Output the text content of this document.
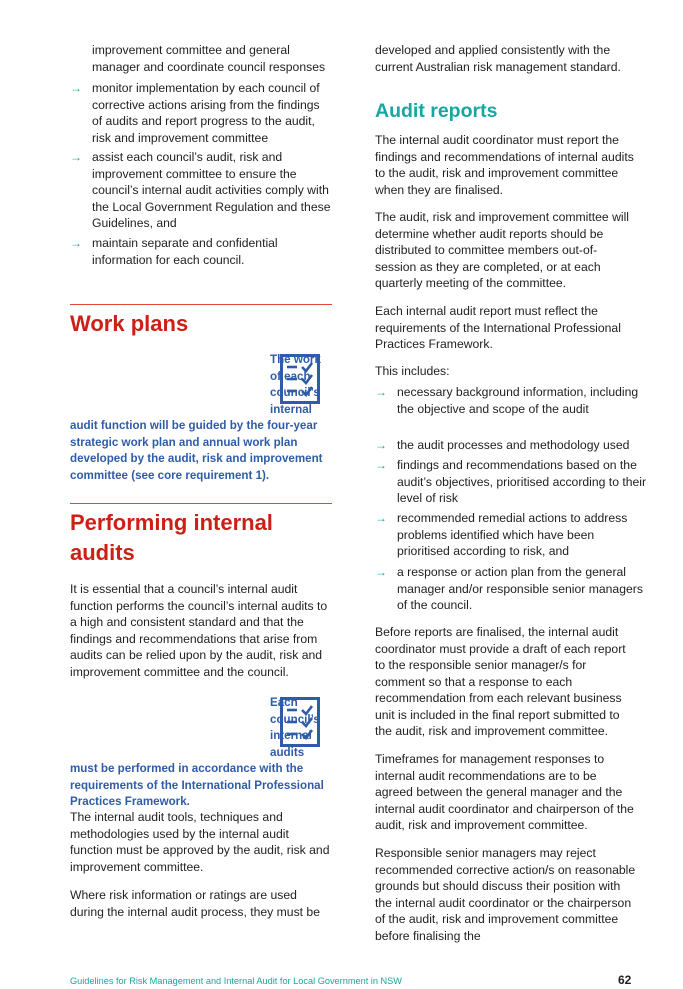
improvement committee and general manager and coordinate council responses

→ monitor implementation by each council of corrective actions arising from the findings of audits and report progress to the audit, risk and improvement committee
→ assist each council’s audit, risk and improvement committee to ensure the council’s internal audit activities comply with the Local Government Regulation and these Guidelines, and
→ maintain separate and confidential information for each council.
Work plans
The work of each council’s internal audit function will be guided by the four-year strategic work plan and annual work plan developed by the audit, risk and improvement committee (see core requirement 1).
Performing internal audits

It is essential that a council’s internal audit function performs the council’s internal audits to a high and consistent standard and that the findings and recommendations that arise from audits can be relied upon by the audit, risk and improvement committee and the council.

Each council’s internal audits must be performed in accordance with the requirements of the International Professional Practices Framework.

The internal audit tools, techniques and methodologies used by the internal audit function must be approved by the audit, risk and improvement committee.

Where risk information or ratings are used during the internal audit process, they must be

developed and applied consistently with the current Australian risk management standard.

Audit reports

The internal audit coordinator must report the findings and recommendations of internal audits to the audit, risk and improvement committee when they are finalised.

The audit, risk and improvement committee will determine whether audit reports should be distributed to committee members out-of-session as they are completed, or at each quarterly meeting of the committee.

Each internal audit report must reflect the requirements of the International Professional Practices Framework.

This includes:

→ necessary background information, including the objective and scope of the audit
→ the audit processes and methodology used
→ findings and recommendations based on the audit’s objectives, prioritised according to their level of risk
→ recommended remedial actions to address problems identified which have been prioritised according to risk, and
→ a response or action plan from the general manager and/or responsible senior managers of the council.

Before reports are finalised, the internal audit coordinator must provide a draft of each report to the responsible senior manager/s for comment so that a response to each recommendation from each relevant business unit is included in the final report submitted to the audit, risk and improvement committee.

Timeframes for management responses to internal audit recommendations are to be agreed between the general manager and the internal audit coordinator and chairperson of the audit, risk and improvement committee.

Responsible senior managers may reject recommended corrective action/s on reasonable grounds but should discuss their position with the internal audit coordinator or the chairperson of the audit, risk and improvement committee before finalising the

Guidelines for Risk Management and Internal Audit for Local Government in NSW	62
